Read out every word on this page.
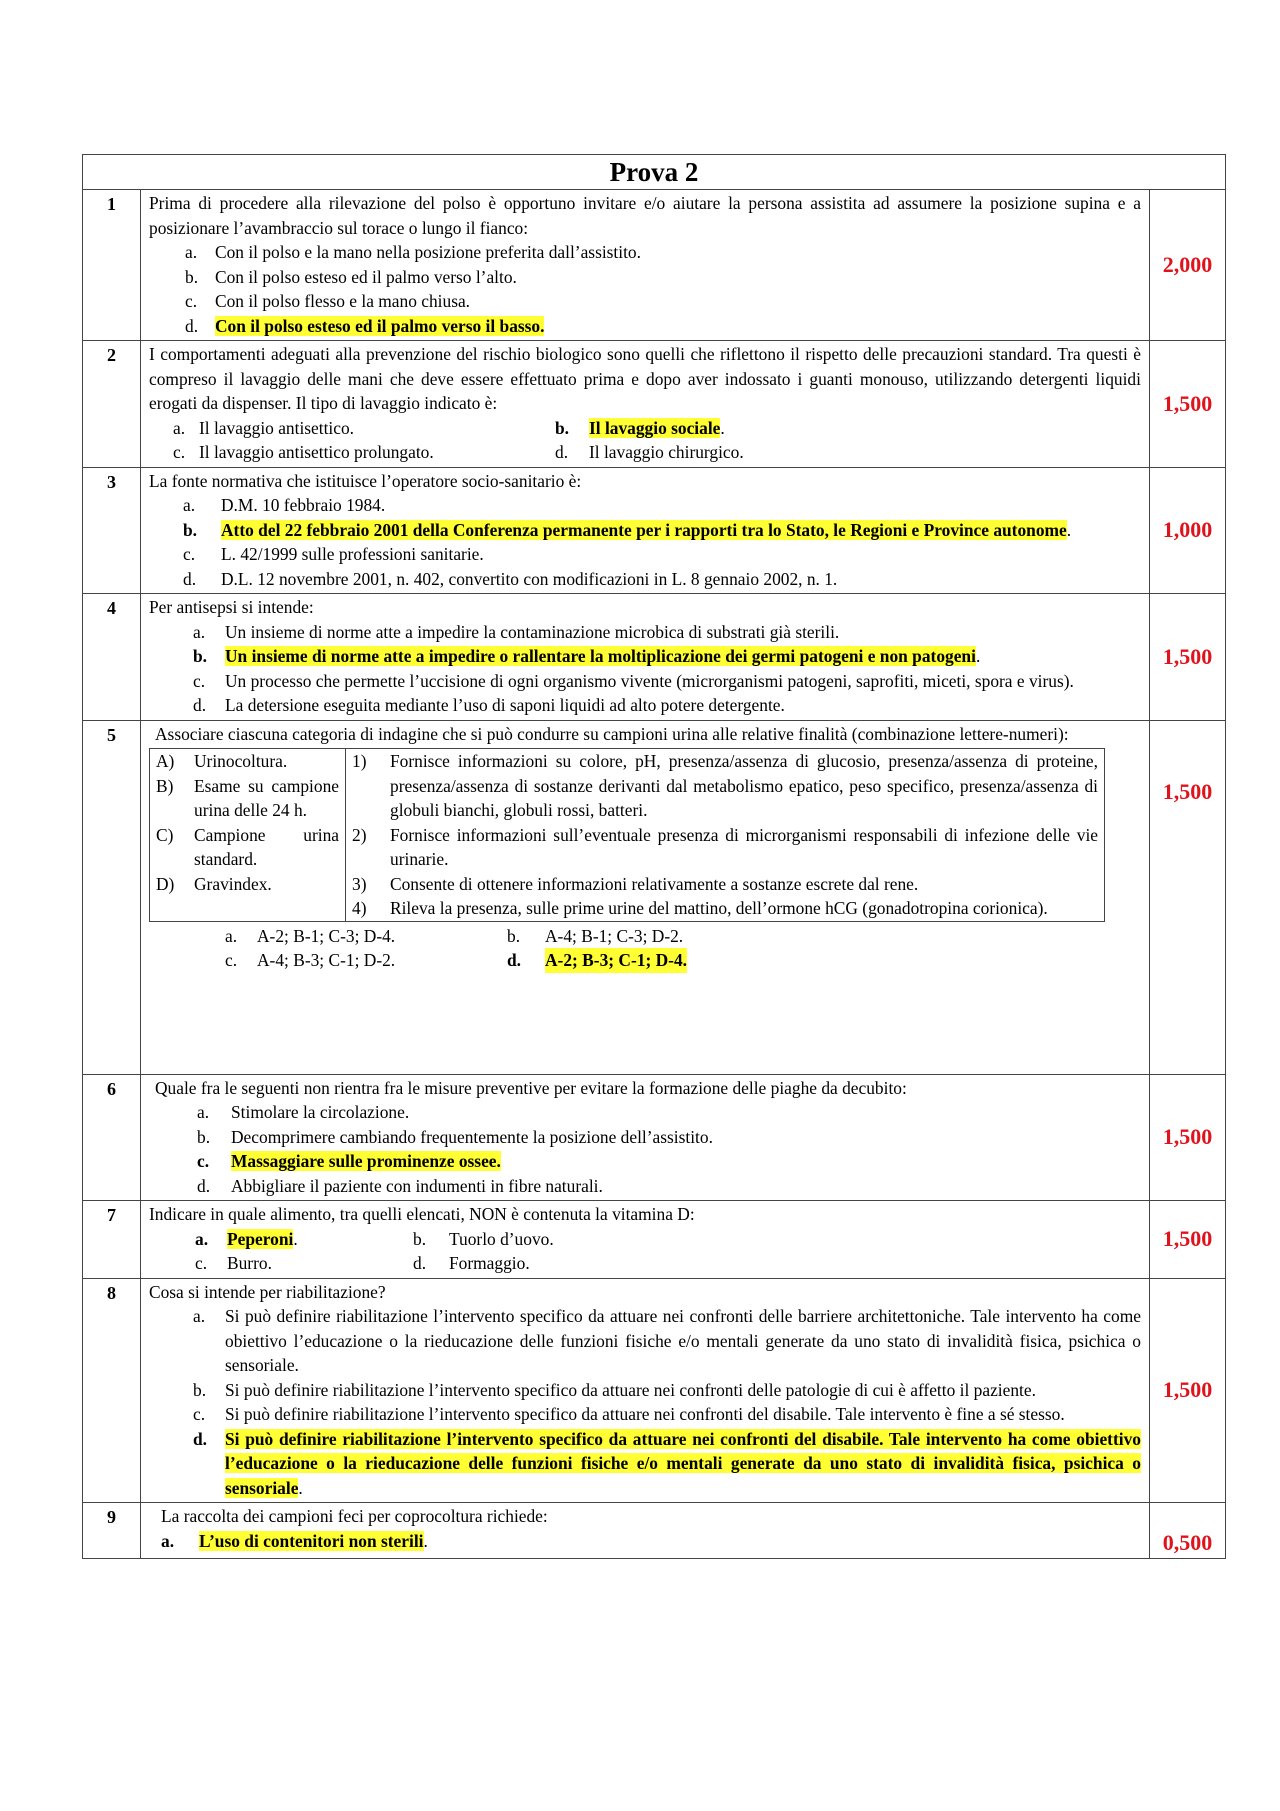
Prova 2
1	Prima di procedere alla rilevazione del polso è opportuno invitare e/o aiutare la persona assistita ad assumere la posizione supina e a posizionare l’avambraccio sul torace o lungo il fianco:
a.	Con il polso e la mano nella posizione preferita dall’assistito.
b. Con il polso esteso ed il palmo verso l’alto.
c.	Con il polso flesso e la mano chiusa.
d. Con il polso esteso ed il palmo verso il basso.
	2,000
2	I comportamenti adeguati alla prevenzione del rischio biologico sono quelli che riflettono il rispetto delle precauzioni standard. Tra questi è compreso il lavaggio delle mani che deve essere effettuato prima e dopo aver indossato i guanti monouso, utilizzando detergenti liquidi erogati da dispenser. Il tipo di lavaggio indicato è:
a. Il lavaggio antisettico.	b.	Il lavaggio sociale.
c. Il lavaggio antisettico prolungato.	d.	Il lavaggio chirurgico.
	1,500
3	La fonte normativa che istituisce l’operatore socio-sanitario è:
a.	D.M. 10 febbraio 1984.
b.	Atto del 22 febbraio 2001 della Conferenza permanente per i rapporti tra lo Stato, le Regioni e Province autonome.
c.	L. 42/1999 sulle professioni sanitarie.
d.	D.L. 12 novembre 2001, n. 402, convertito con modificazioni in L. 8 gennaio 2002, n. 1.
	1,000
4	Per antisepsi si intende:
a.	Un insieme di norme atte a impedire la contaminazione microbica di substrati già sterili.
b.	Un insieme di norme atte a impedire o rallentare la moltiplicazione dei germi patogeni e non patogeni.
c.	Un processo che permette l’uccisione di ogni organismo vivente (microrganismi patogeni, saprofiti, miceti, spora e virus).
d.	La detersione eseguita mediante l’uso di saponi liquidi ad alto potere detergente.
	1,500
5	Associare ciascuna categoria di indagine che si può condurre su campioni urina alle relative finalità (combinazione lettere-numeri):
A)	Urinocoltura.
B)	Esame su campione urina delle 24 h.
C)	Campione urina standard.
D)	Gravindex.

1)	Fornisce informazioni su colore, pH, presenza/assenza di glucosio, presenza/assenza di proteine, presenza/assenza di sostanze derivanti dal metabolismo epatico, peso specifico, presenza/assenza di globuli bianchi, globuli rossi, batteri.
2)	Fornisce informazioni sull’eventuale presenza di microrganismi responsabili di infezione delle vie urinarie.
3)	Consente di ottenere informazioni relativamente a sostanze escrete dal rene.
4)	Rileva la presenza, sulle prime urine del mattino, dell’ormone hCG (gonadotropina corionica).
a.	A-2; B-1; C-3; D-4.	b.	A-4; B-1; C-3; D-2.
c.	A-4; B-3; C-1; D-2.	d.	A-2; B-3; C-1; D-4.
	1,500
6	Quale fra le seguenti non rientra fra le misure preventive per evitare la formazione delle piaghe da decubito:
a.	Stimolare la circolazione.
b.	Decomprimere cambiando frequentemente la posizione dell’assistito.
c.	Massaggiare sulle prominenze ossee.
d.	Abbigliare il paziente con indumenti in fibre naturali.
	1,500
7	Indicare in quale alimento, tra quelli elencati, NON è contenuta la vitamina D:
a.	Peperoni.	b.	Tuorlo d’uovo.
c.	Burro.	d.	Formaggio.
	1,500
8	Cosa si intende per riabilitazione?
a.	Si può definire riabilitazione l’intervento specifico da attuare nei confronti delle barriere architettoniche. Tale intervento ha come obiettivo l’educazione o la rieducazione delle funzioni fisiche e/o mentali generate da uno stato di invalidità fisica, psichica o sensoriale.
b.	Si può definire riabilitazione l’intervento specifico da attuare nei confronti delle patologie di cui è affetto il paziente.
c.	Si può definire riabilitazione l’intervento specifico da attuare nei confronti del disabile. Tale intervento è fine a sé stesso.
d.	Si può definire riabilitazione l’intervento specifico da attuare nei confronti del disabile. Tale intervento ha come obiettivo l’educazione o la rieducazione delle funzioni fisiche e/o mentali generate da uno stato di invalidità fisica, psichica o sensoriale.
	1,500
9	La raccolta dei campioni feci per coprocoltura richiede:
a.	L’uso di contenitori non sterili.	0,500
